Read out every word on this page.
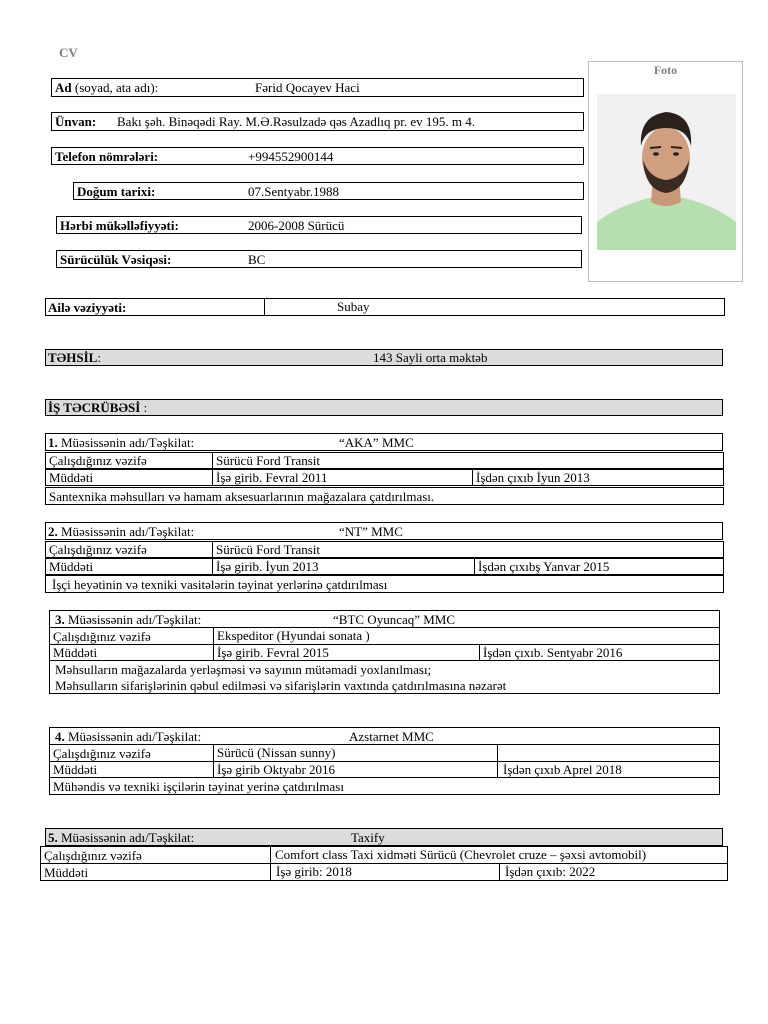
CV
Foto
Ad (soyad, ata adı):	Fərid Qocayev Haci
Ünvan: Bakı şəh. Binəqədi Ray. M.Ə.Rəsulzadə qəs Azadlıq pr. ev 195. m 4.
Telefon nömrələri:	+994552900144
Doğum tarixi:	07.Sentyabr.1988
Hərbi mükəlləfiyyəti:	2006-2008 Sürücü
Sürücülük Vəsiqəsi:	BC
Ailə vəziyyəti:	Subay
TƏHSİL:	143 Sayli orta məktəb
İŞ TƏCRÜBƏSİ :
1. Müəsissənin adı/Təşkilat:	“AKA” MMC
Çalışdığınız vəzifə	Sürücü Ford Transit
Müddəti	İşə girib. Fevral 2011	İşdən çıxıb İyun 2013
Santexnika məhsulları və hamam aksesuarlarının mağazalara çatdırılması.
2. Müəsissənin adı/Təşkilat:	“NT” MMC
Çalışdığınız vəzifə	Sürücü Ford Transit
Müddəti	İşə girib. İyun 2013	İşdən çıxıbş Yanvar 2015
İşçi heyətinin və texniki vasitələrin təyinat yerlərinə çatdırılması
3. Müəsissənin adı/Təşkilat:	“BTC Oyuncaq” MMC
Çalışdığınız vəzifə	Ekspeditor (Hyundai sonata )
Müddəti	İşə girib. Fevral 2015	İşdən çıxıb. Sentyabr 2016
Məhsulların mağazalarda yerləşməsi və sayının mütəmadi yoxlanılması;
Məhsulların sifarişlərinin qəbul edilməsi və sifarişlərin vaxtında çatdırılmasına nəzarət
4. Müəsissənin adı/Təşkilat:	Azstarnet MMC
Çalışdığınız vəzifə	Sürücü (Nissan sunny)
Müddəti	İşə girib Oktyabr 2016	İşdən çıxıb Aprel 2018
Mühəndis və texniki işçilərin təyinat yerinə çatdırılması
5. Müəsissənin adı/Təşkilat:	Taxify
Çalışdığınız vəzifə	Comfort class Taxi xidməti Sürücü (Chevrolet cruze – şəxsi avtomobil)
Müddəti	İşə girib: 2018	İşdən çıxıb: 2022
